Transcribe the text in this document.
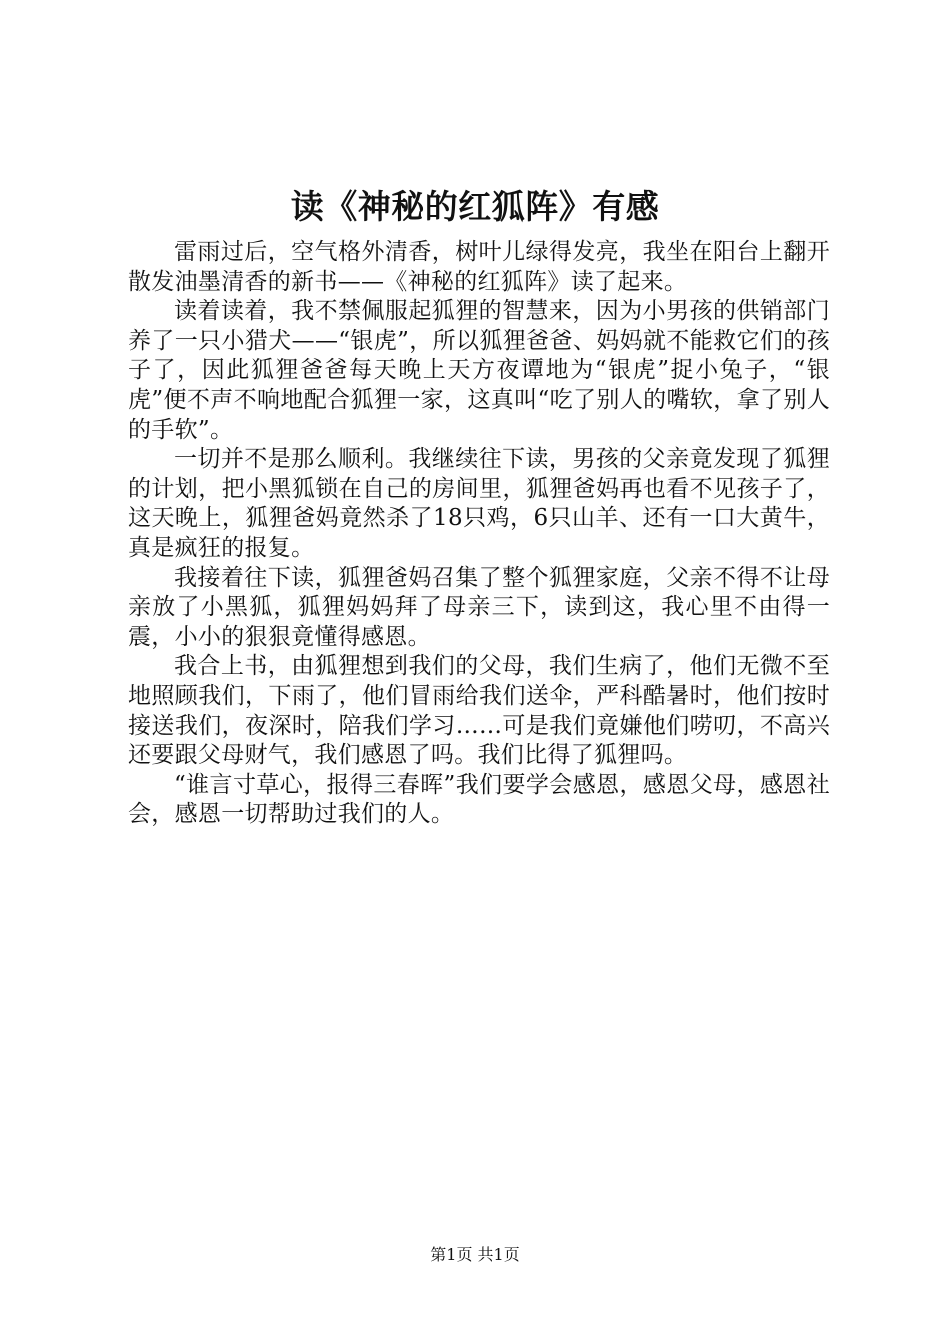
读《神秘的红狐阵》有感

雷雨过后，空气格外清香，树叶儿绿得发亮，我坐在阳台上翻开散发油墨清香的新书——《神秘的红狐阵》读了起来。

读着读着，我不禁佩服起狐狸的智慧来，因为小男孩的供销部门养了一只小猎犬——“银虎”，所以狐狸爸爸、妈妈就不能救它们的孩子了，因此狐狸爸爸每天晚上天方夜谭地为“银虎”捉小兔子，“银虎”便不声不响地配合狐狸一家，这真叫“吃了别人的嘴软，拿了别人的手软”。

一切并不是那么顺利。我继续往下读，男孩的父亲竟发现了狐狸的计划，把小黑狐锁在自己的房间里，狐狸爸妈再也看不见孩子了，这天晚上，狐狸爸妈竟然杀了18只鸡，6只山羊、还有一口大黄牛，真是疯狂的报复。

我接着往下读，狐狸爸妈召集了整个狐狸家庭，父亲不得不让母亲放了小黑狐，狐狸妈妈拜了母亲三下，读到这，我心里不由得一震，小小的狠狠竟懂得感恩。

我合上书，由狐狸想到我们的父母，我们生病了，他们无微不至地照顾我们，下雨了，他们冒雨给我们送伞，严科酷暑时，他们按时接送我们，夜深时，陪我们学习……可是我们竟嫌他们唠叨，不高兴还要跟父母财气，我们感恩了吗。我们比得了狐狸吗。

“谁言寸草心，报得三春晖”我们要学会感恩，感恩父母，感恩社会，感恩一切帮助过我们的人。

第1页 共1页
